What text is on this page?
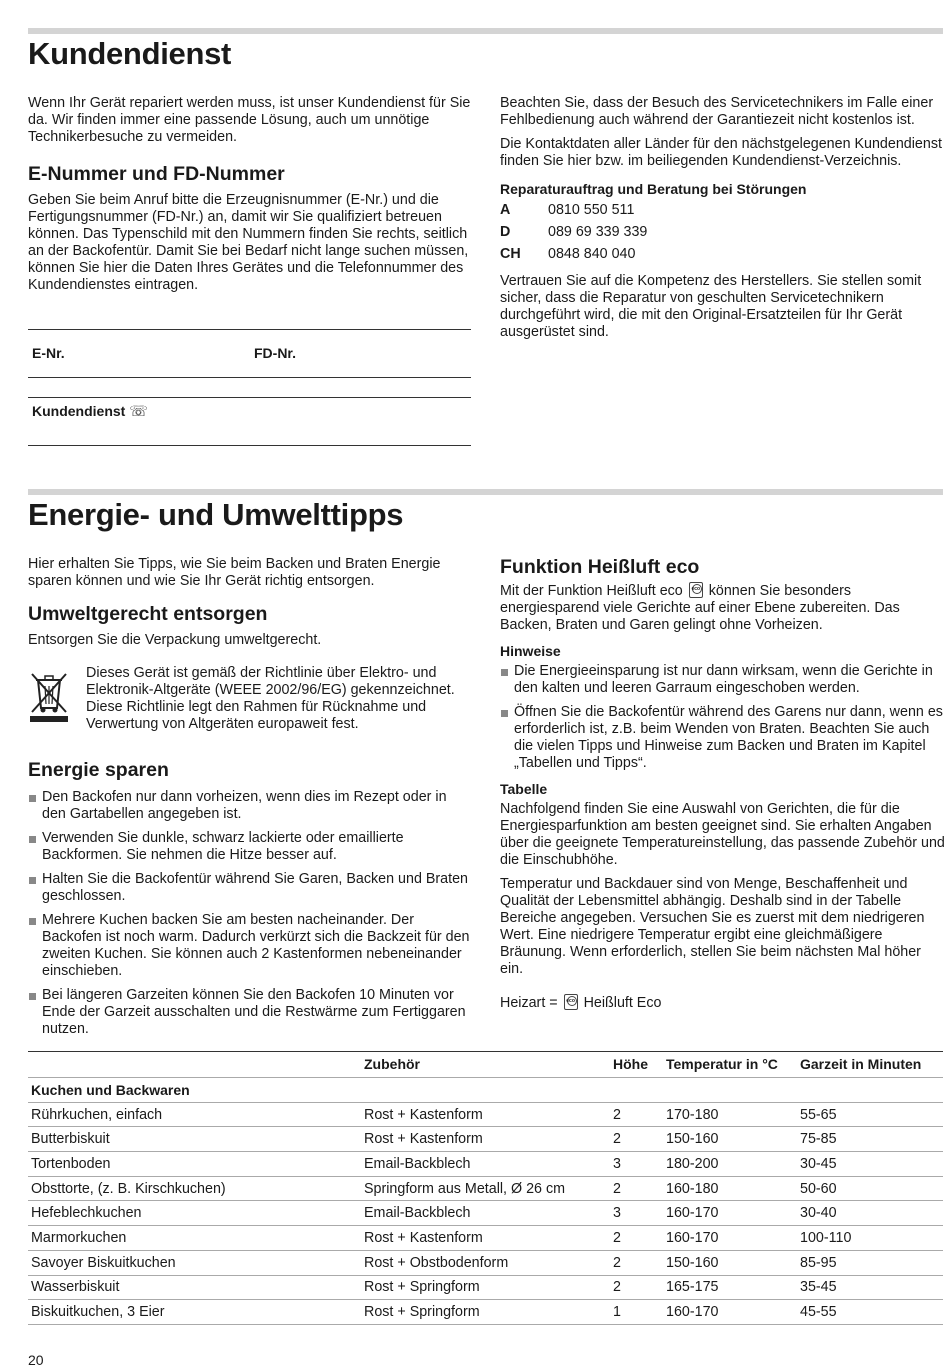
Kundendienst

Wenn Ihr Gerät repariert werden muss, ist unser Kundendienst für Sie da. Wir finden immer eine passende Lösung, auch um unnötige Technikerbesuche zu vermeiden.

E-Nummer und FD-Nummer

Geben Sie beim Anruf bitte die Erzeugnisnummer (E-Nr.) und die Fertigungsnummer (FD-Nr.) an, damit wir Sie qualifiziert betreuen können. Das Typenschild mit den Nummern finden Sie rechts, seitlich an der Backofentür. Damit Sie bei Bedarf nicht lange suchen müssen, können Sie hier die Daten Ihres Gerätes und die Telefonnummer des Kundendienstes eintragen.

E-Nr.	FD-Nr.
Kundendienst ☏

Beachten Sie, dass der Besuch des Servicetechnikers im Falle einer Fehlbedienung auch während der Garantiezeit nicht kostenlos ist.

Die Kontaktdaten aller Länder für den nächstgelegenen Kundendienst finden Sie hier bzw. im beiliegenden Kundendienst-Verzeichnis.

Reparaturauftrag und Beratung bei Störungen
A	0810 550 511
D	089 69 339 339
CH	0848 840 040

Vertrauen Sie auf die Kompetenz des Herstellers. Sie stellen somit sicher, dass die Reparatur von geschulten Servicetechnikern durchgeführt wird, die mit den Original-Ersatzteilen für Ihr Gerät ausgerüstet sind.

Energie- und Umwelttipps

Hier erhalten Sie Tipps, wie Sie beim Backen und Braten Energie sparen können und wie Sie Ihr Gerät richtig entsorgen.

Umweltgerecht entsorgen

Entsorgen Sie die Verpackung umweltgerecht.

Dieses Gerät ist gemäß der Richtlinie über Elektro- und Elektronik-Altgeräte (WEEE 2002/96/EG) gekennzeichnet. Diese Richtlinie legt den Rahmen für Rücknahme und Verwertung von Altgeräten europaweit fest.

Energie sparen
Den Backofen nur dann vorheizen, wenn dies im Rezept oder in den Gartabellen angegeben ist.
Verwenden Sie dunkle, schwarz lackierte oder emaillierte Backformen. Sie nehmen die Hitze besser auf.
Halten Sie die Backofentür während Sie Garen, Backen und Braten geschlossen.
Mehrere Kuchen backen Sie am besten nacheinander. Der Backofen ist noch warm. Dadurch verkürzt sich die Backzeit für den zweiten Kuchen. Sie können auch 2 Kastenformen nebeneinander einschieben.
Bei längeren Garzeiten können Sie den Backofen 10 Minuten vor Ende der Garzeit ausschalten und die Restwärme zum Fertiggaren nutzen.
Funktion Heißluft eco

Mit der Funktion Heißluft eco eco können Sie besonders energiesparend viele Gerichte auf einer Ebene zubereiten. Das Backen, Braten und Garen gelingt ohne Vorheizen.

Hinweise
Die Energieeinsparung ist nur dann wirksam, wenn die Gerichte in den kalten und leeren Garraum eingeschoben werden.
Öffnen Sie die Backofentür während des Garens nur dann, wenn es erforderlich ist, z.B. beim Wenden von Braten. Beachten Sie auch die vielen Tipps und Hinweise zum Backen und Braten im Kapitel „Tabellen und Tipps“.
Tabelle

Nachfolgend finden Sie eine Auswahl von Gerichten, die für die Energiesparfunktion am besten geeignet sind. Sie erhalten Angaben über die geeignete Temperatureinstellung, das passende Zubehör und die Einschubhöhe.

Temperatur und Backdauer sind von Menge, Beschaffenheit und Qualität der Lebensmittel abhängig. Deshalb sind in der Tabelle Bereiche angegeben. Versuchen Sie es zuerst mit dem niedrigeren Wert. Eine niedrigere Temperatur ergibt eine gleichmäßigere Bräunung. Wenn erforderlich, stellen Sie beim nächsten Mal höher ein.

Heizart = eco Heißluft Eco

	Zubehör	Höhe	Temperatur in °C	Garzeit in Minuten
Kuchen und Backwaren				
Rührkuchen, einfach	Rost + Kastenform	2	170-180	55-65
Butterbiskuit	Rost + Kastenform	2	150-160	75-85
Tortenboden	Email-Backblech	3	180-200	30-45
Obsttorte, (z. B. Kirschkuchen)	Springform aus Metall, Ø 26 cm	2	160-180	50-60
Hefeblechkuchen	Email-Backblech	3	160-170	30-40
Marmorkuchen	Rost + Kastenform	2	160-170	100-110
Savoyer Biskuitkuchen	Rost + Obstbodenform	2	150-160	85-95
Wasserbiskuit	Rost + Springform	2	165-175	35-45
Biskuitkuchen, 3 Eier	Rost + Springform	1	160-170	45-55
20
